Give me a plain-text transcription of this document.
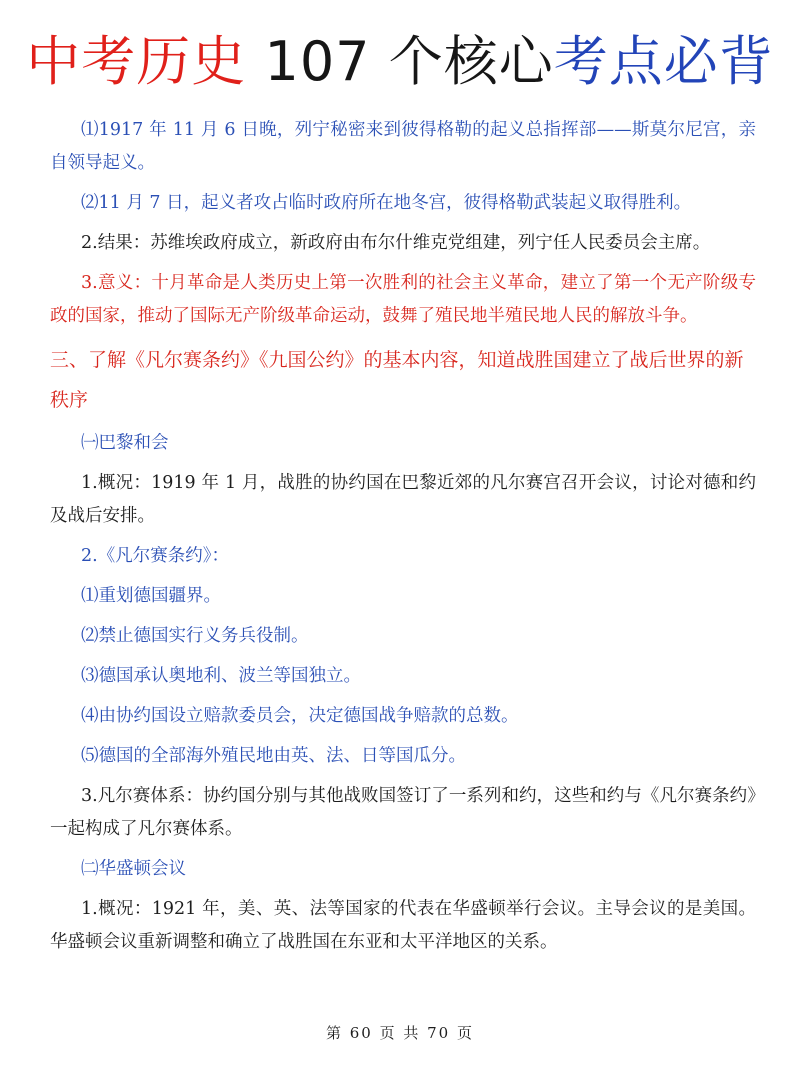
中考历史 107 个核心考点必背

⑴1917 年 11 月 6 日晚，列宁秘密来到彼得格勒的起义总指挥部——斯莫尔尼宫，亲自领导起义。

⑵11 月 7 日，起义者攻占临时政府所在地冬宫，彼得格勒武装起义取得胜利。

2.结果：苏维埃政府成立，新政府由布尔什维克党组建，列宁任人民委员会主席。

3.意义：十月革命是人类历史上第一次胜利的社会主义革命，建立了第一个无产阶级专政的国家，推动了国际无产阶级革命运动，鼓舞了殖民地半殖民地人民的解放斗争。

三、了解《凡尔赛条约》《九国公约》的基本内容，知道战胜国建立了战后世界的新秩序

㈠巴黎和会

1.概况：1919 年 1 月，战胜的协约国在巴黎近郊的凡尔赛宫召开会议，讨论对德和约及战后安排。

2.《凡尔赛条约》：

⑴重划德国疆界。

⑵禁止德国实行义务兵役制。

⑶德国承认奥地利、波兰等国独立。

⑷由协约国设立赔款委员会，决定德国战争赔款的总数。

⑸德国的全部海外殖民地由英、法、日等国瓜分。

3.凡尔赛体系：协约国分别与其他战败国签订了一系列和约，这些和约与《凡尔赛条约》一起构成了凡尔赛体系。

㈡华盛顿会议

1.概况：1921 年，美、英、法等国家的代表在华盛顿举行会议。主导会议的是美国。华盛顿会议重新调整和确立了战胜国在东亚和太平洋地区的关系。

第 60 页 共 70 页
